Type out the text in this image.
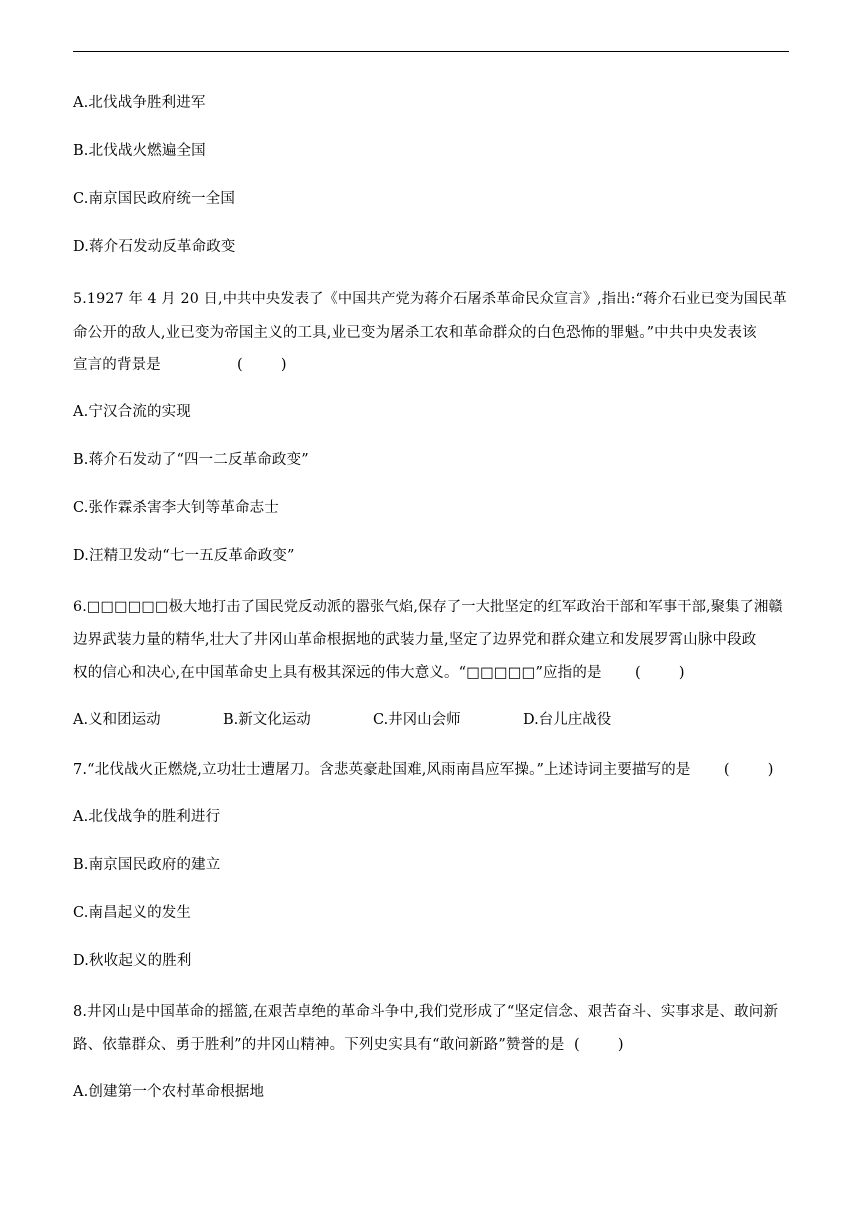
A.北伐战争胜利进军
B.北伐战火燃遍全国
C.南京国民政府统一全国
D.蒋介石发动反革命政变
5.1927 年 4 月 20 日,中共中央发表了《中国共产党为蒋介石屠杀革命民众宣言》,指出:“蒋介石业已变为国民革
命公开的敌人,业已变为帝国主义的工具,业已变为屠杀工农和革命群众的白色恐怖的罪魁。”中共中央发表该
宣言的背景是                (        )
A.宁汉合流的实现
B.蒋介石发动了“四一二反革命政变”
C.张作霖杀害李大钊等革命志士
D.汪精卫发动“七一五反革命政变”
6.□□□□□□极大地打击了国民党反动派的嚣张气焰,保存了一大批坚定的红军政治干部和军事干部,聚集了湘赣
边界武装力量的精华,壮大了井冈山革命根据地的武装力量,坚定了边界党和群众建立和发展罗霄山脉中段政
权的信心和决心,在中国革命史上具有极其深远的伟大意义。“□□□□□”应指的是       (        )
A.义和团运动	B.新文化运动	C.井冈山会师	D.台儿庄战役
7.“北伐战火正燃烧,立功壮士遭屠刀。含悲英豪赴国难,风雨南昌应军操。”上述诗词主要描写的是       (        )
A.北伐战争的胜利进行
B.南京国民政府的建立
C.南昌起义的发生
D.秋收起义的胜利
8.井冈山是中国革命的摇篮,在艰苦卓绝的革命斗争中,我们党形成了“坚定信念、艰苦奋斗、实事求是、敢问新
路、依靠群众、勇于胜利”的井冈山精神。下列史实具有“敢问新路”赞誉的是  (        )
A.创建第一个农村革命根据地
